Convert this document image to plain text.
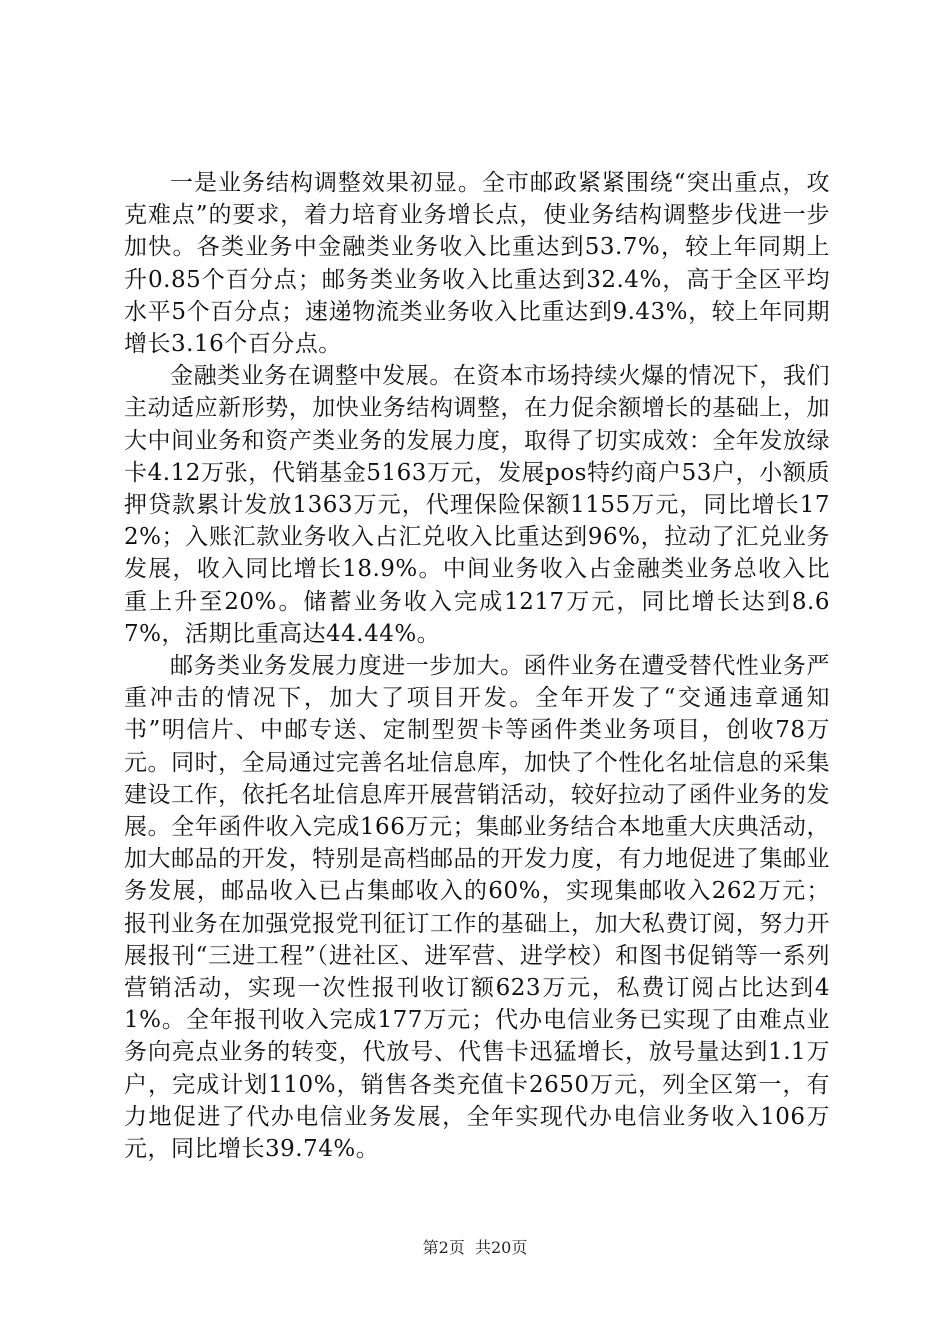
一是业务结构调整效果初显。全市邮政紧紧围绕“突出重点，攻克难点”的要求，着力培育业务增长点，使业务结构调整步伐进一步加快。各类业务中金融类业务收入比重达到53.7%，较上年同期上升0.85个百分点；邮务类业务收入比重达到32.4%，高于全区平均水平5个百分点；速递物流类业务收入比重达到9.43%，较上年同期增长3.16个百分点。

金融类业务在调整中发展。在资本市场持续火爆的情况下，我们主动适应新形势，加快业务结构调整，在力促余额增长的基础上，加大中间业务和资产类业务的发展力度，取得了切实成效：全年发放绿卡4.12万张，代销基金5163万元，发展pos特约商户53户，小额质押贷款累计发放1363万元，代理保险保额1155万元，同比增长172%；入账汇款业务收入占汇兑收入比重达到96%，拉动了汇兑业务发展，收入同比增长18.9%。中间业务收入占金融类业务总收入比重上升至20%。储蓄业务收入完成1217万元，同比增长达到8.67%，活期比重高达44.44%。

邮务类业务发展力度进一步加大。函件业务在遭受替代性业务严重冲击的情况下，加大了项目开发。全年开发了“交通违章通知书”明信片、中邮专送、定制型贺卡等函件类业务项目，创收78万元。同时，全局通过完善名址信息库，加快了个性化名址信息的采集建设工作，依托名址信息库开展营销活动，较好拉动了函件业务的发展。全年函件收入完成166万元；集邮业务结合本地重大庆典活动，加大邮品的开发，特别是高档邮品的开发力度，有力地促进了集邮业务发展，邮品收入已占集邮收入的60%，实现集邮收入262万元；报刊业务在加强党报党刊征订工作的基础上，加大私费订阅，努力开展报刊“三进工程”（进社区、进军营、进学校）和图书促销等一系列营销活动，实现一次性报刊收订额623万元，私费订阅占比达到41%。全年报刊收入完成177万元；代办电信业务已实现了由难点业务向亮点业务的转变，代放号、代售卡迅猛增长，放号量达到1.1万户，完成计划110%，销售各类充值卡2650万元，列全区第一，有力地促进了代办电信业务发展，全年实现代办电信业务收入106万元，同比增长39.74%。

第2页  共20页
